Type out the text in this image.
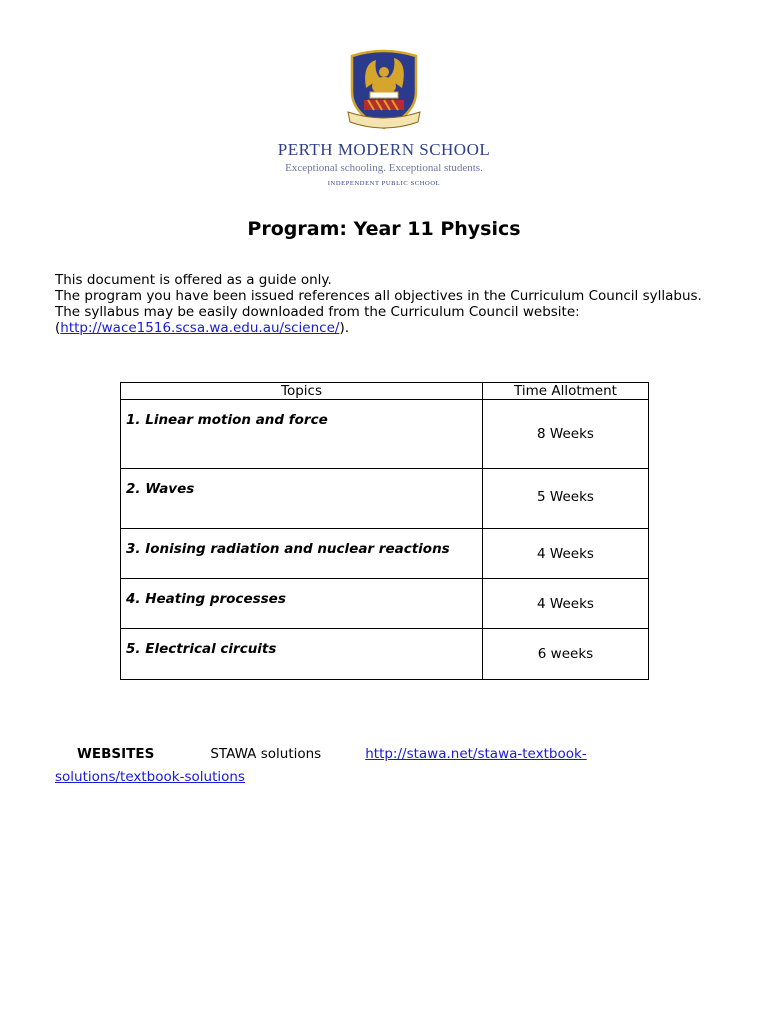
PERTH MODERN SCHOOL
Exceptional schooling. Exceptional students.
INDEPENDENT PUBLIC SCHOOL
Program: Year 11 Physics

This document is offered as a guide only.

The program you have been issued references all objectives in the Curriculum Council syllabus. The syllabus may be easily downloaded from the Curriculum Council website:
(http://wace1516.scsa.wa.edu.au/science/).

Topics	Time Allotment
1. Linear motion and force	8 Weeks
2. Waves	5 Weeks
3. Ionising radiation and nuclear reactions	4 Weeks
4. Heating processes	4 Weeks
5. Electrical circuits	6 weeks
WEBSITES	STAWA solutions	http://stawa.net/stawa-textbook-
solutions/textbook-solutions
